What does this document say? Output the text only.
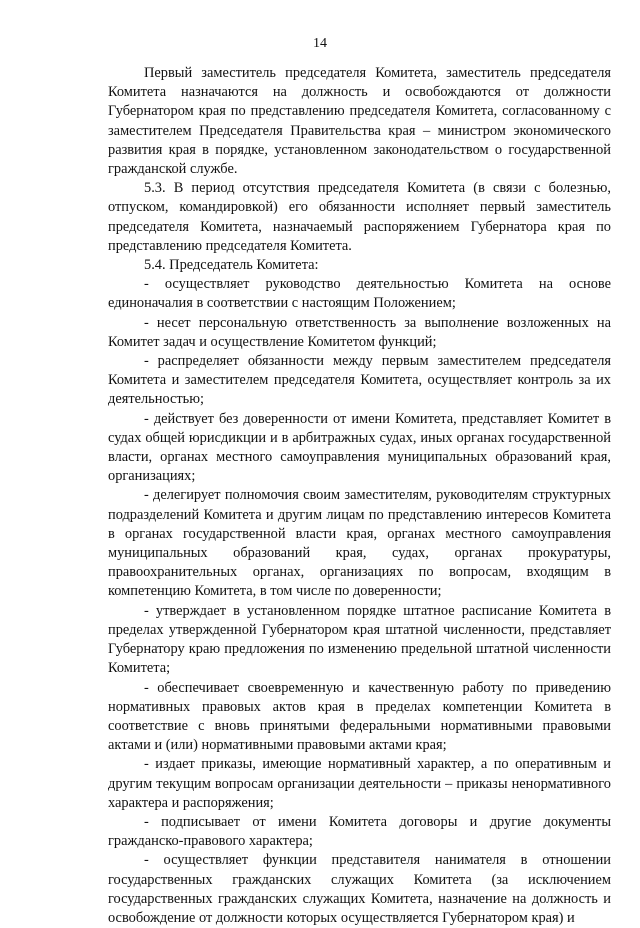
14

Первый заместитель председателя Комитета, заместитель председателя Комитета назначаются на должность и освобождаются от должности Губернатором края по представлению председателя Комитета, согласованному с заместителем Председателя Правительства края – министром экономического развития края в порядке, установленном законодательством о государственной гражданской службе.

5.3. В период отсутствия председателя Комитета (в связи с болезнью, отпуском, командировкой) его обязанности исполняет первый заместитель председателя Комитета, назначаемый распоряжением Губернатора края по представлению председателя Комитета.

5.4. Председатель Комитета:

- осуществляет руководство деятельностью Комитета на основе единоначалия в соответствии с настоящим Положением;

- несет персональную ответственность за выполнение возложенных на Комитет задач и осуществление Комитетом функций;

- распределяет обязанности между первым заместителем председателя Комитета и заместителем председателя Комитета, осуществляет контроль за их деятельностью;

- действует без доверенности от имени Комитета, представляет Комитет в судах общей юрисдикции и в арбитражных судах, иных органах государственной власти, органах местного самоуправления муниципальных образований края, организациях;

- делегирует полномочия своим заместителям, руководителям структурных подразделений Комитета и другим лицам по представлению интересов Комитета в органах государственной власти края, органах местного самоуправления муниципальных образований края, судах, органах прокуратуры, правоохранительных органах, организациях по вопросам, входящим в компетенцию Комитета, в том числе по доверенности;

- утверждает в установленном порядке штатное расписание Комитета в пределах утвержденной Губернатором края штатной численности, представляет Губернатору краю предложения по изменению предельной штатной численности Комитета;

- обеспечивает своевременную и качественную работу по приведению нормативных правовых актов края в пределах компетенции Комитета в соответствие с вновь принятыми федеральными нормативными правовыми актами и (или) нормативными правовыми актами края;

- издает приказы, имеющие нормативный характер, а по оперативным и другим текущим вопросам организации деятельности – приказы ненормативного характера и распоряжения;

- подписывает от имени Комитета договоры и другие документы гражданско-правового характера;

- осуществляет функции представителя нанимателя в отношении государственных гражданских служащих Комитета (за исключением государственных гражданских служащих Комитета, назначение на должность и освобождение от должности которых осуществляется Губернатором края) и
